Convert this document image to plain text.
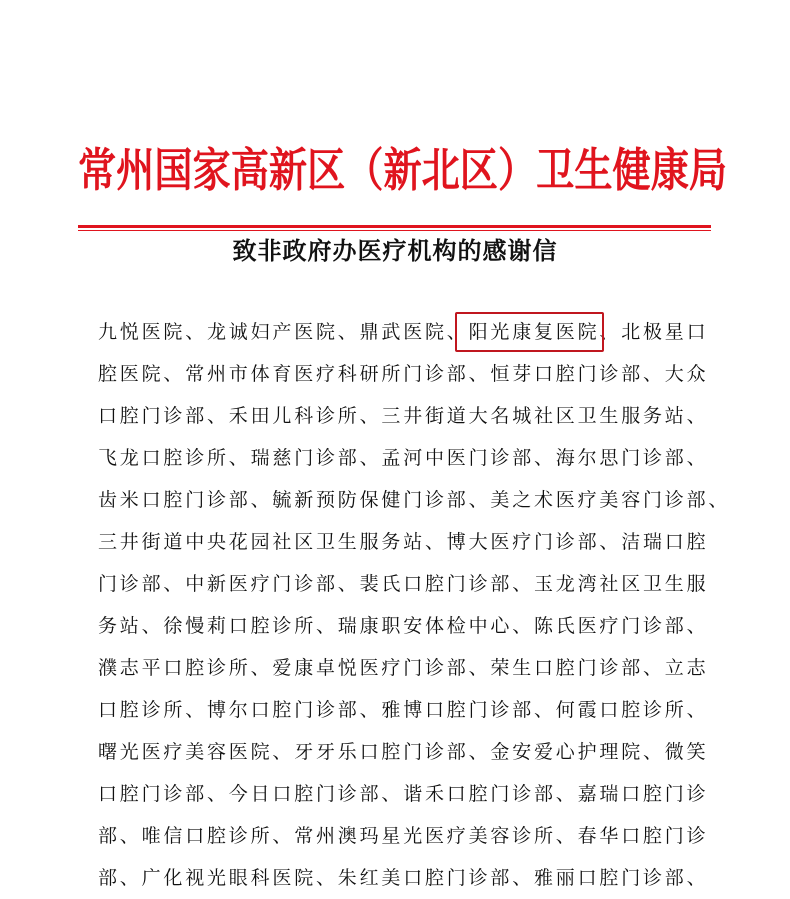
常州国家高新区（新北区）卫生健康局
致非政府办医疗机构的感谢信

九悦医院、龙诚妇产医院、鼎武医院、阳光康复医院、北极星口

腔医院、常州市体育医疗科研所门诊部、恒芽口腔门诊部、大众

口腔门诊部、禾田儿科诊所、三井街道大名城社区卫生服务站、

飞龙口腔诊所、瑞慈门诊部、孟河中医门诊部、海尔思门诊部、

齿米口腔门诊部、毓新预防保健门诊部、美之术医疗美容门诊部、

三井街道中央花园社区卫生服务站、博大医疗门诊部、洁瑞口腔

门诊部、中新医疗门诊部、裴氏口腔门诊部、玉龙湾社区卫生服

务站、徐慢莉口腔诊所、瑞康职安体检中心、陈氏医疗门诊部、

濮志平口腔诊所、爱康卓悦医疗门诊部、荣生口腔门诊部、立志

口腔诊所、博尔口腔门诊部、雅博口腔门诊部、何霞口腔诊所、

曙光医疗美容医院、牙牙乐口腔门诊部、金安爱心护理院、微笑

口腔门诊部、今日口腔门诊部、谐禾口腔门诊部、嘉瑞口腔门诊

部、唯信口腔诊所、常州澳玛星光医疗美容诊所、春华口腔门诊

部、广化视光眼科医院、朱红美口腔门诊部、雅丽口腔门诊部、
